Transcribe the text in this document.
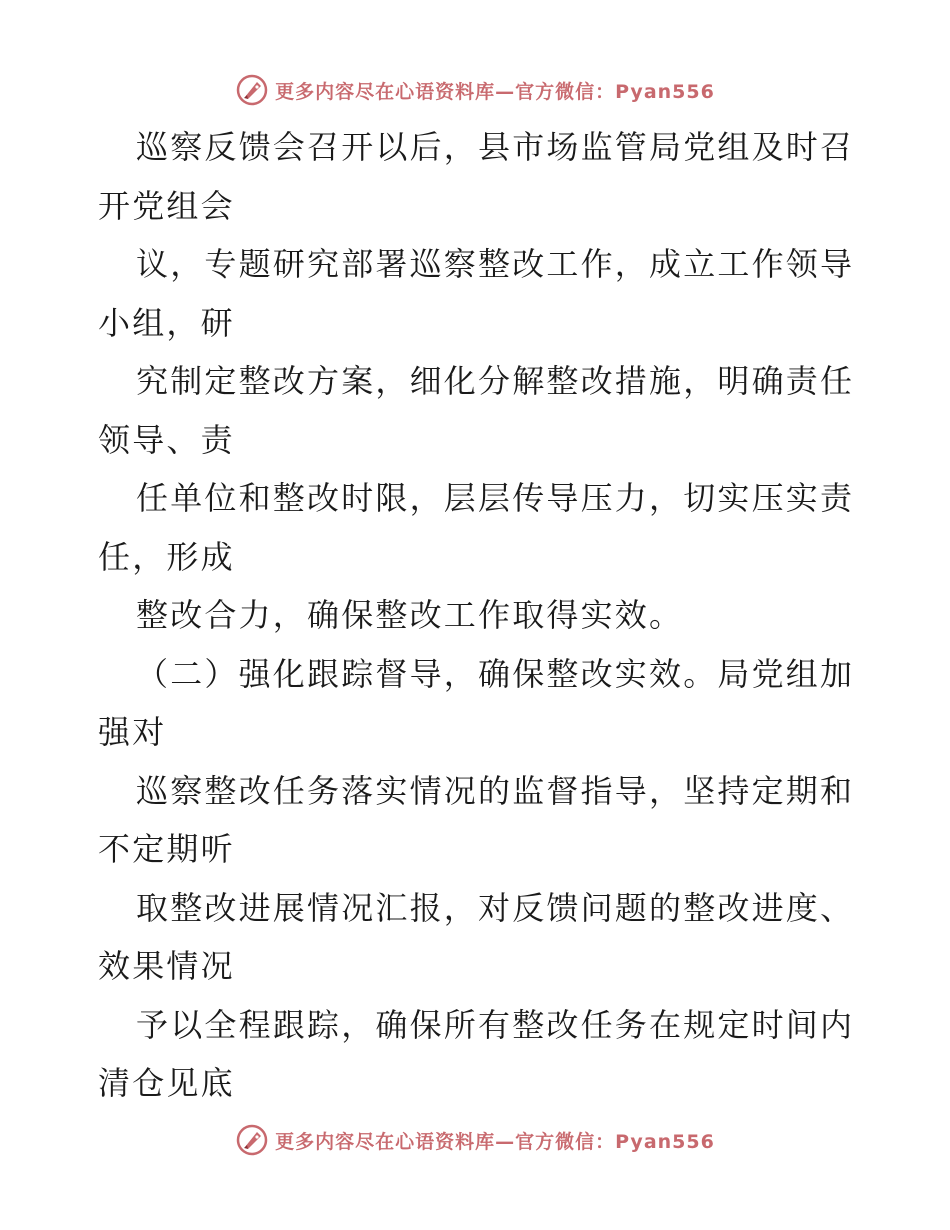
更多内容尽在心语资料库—官方微信：Pyan556
巡察反馈会召开以后，县市场监管局党组及时召
开党组会
议，专题研究部署巡察整改工作，成立工作领导
小组，研
究制定整改方案，细化分解整改措施，明确责任
领导、责
任单位和整改时限，层层传导压力，切实压实责
任，形成
整改合力，确保整改工作取得实效。
（二）强化跟踪督导，确保整改实效。局党组加
强对
巡察整改任务落实情况的监督指导，坚持定期和
不定期听
取整改进展情况汇报，对反馈问题的整改进度、
效果情况
予以全程跟踪，确保所有整改任务在规定时间内
清仓见底
更多内容尽在心语资料库—官方微信：Pyan556
